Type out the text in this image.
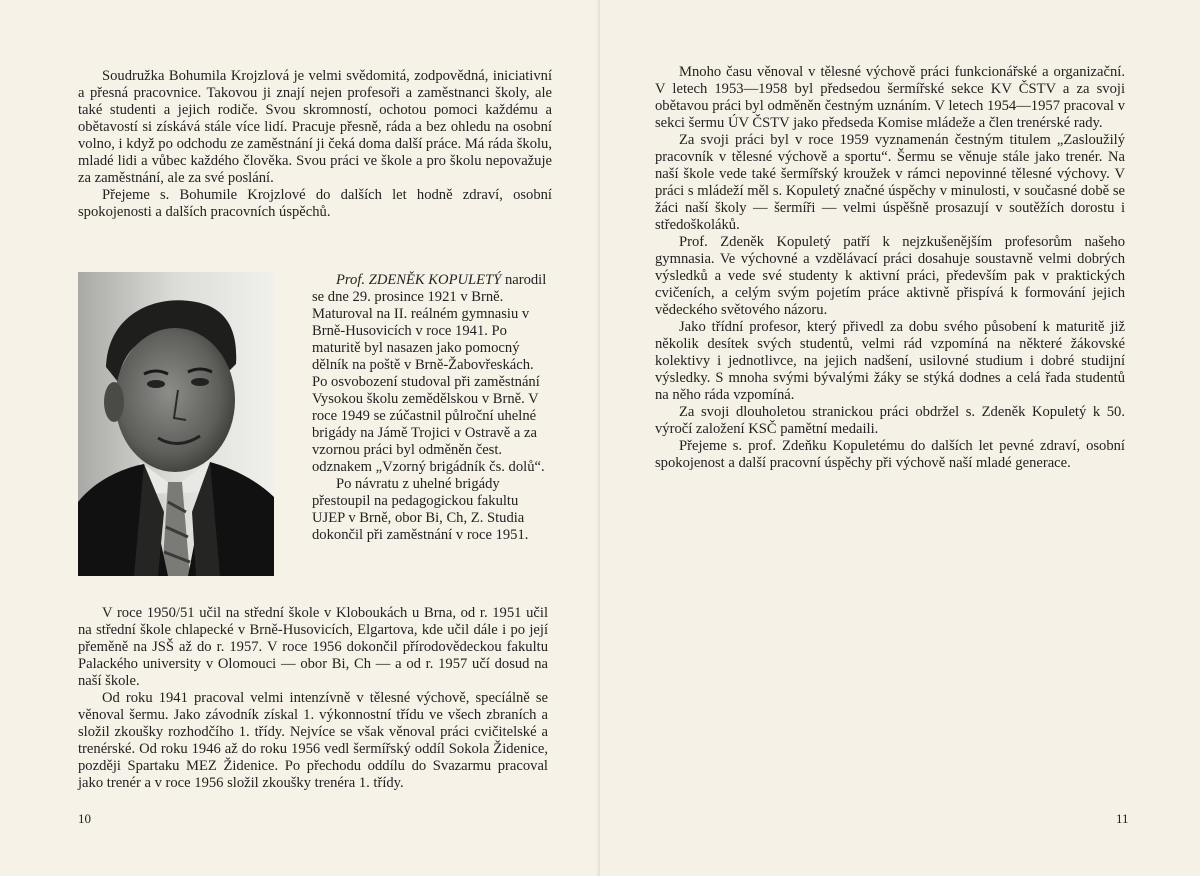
Soudružka Bohumila Krojzlová je velmi svědomitá, zodpovědná, iniciativní a přesná pracovnice. Takovou ji znají nejen profesoři a zaměstnanci školy, ale také studenti a jejich rodiče. Svou skromností, ochotou pomoci každému a obětavostí si získává stále více lidí. Pracuje přesně, ráda a bez ohledu na osobní volno, i když po odchodu ze zaměstnání ji čeká doma další práce. Má ráda školu, mladé lidi a vůbec každého člověka. Svou práci ve škole a pro školu nepovažuje za zaměstnání, ale za své poslání.

Přejeme s. Bohumile Krojzlové do dalších let hodně zdraví, osobní spokojenosti a dalších pracovních úspěchů.

Prof. ZDENĚK KOPULETÝ narodil se dne 29. prosince 1921 v Brně. Maturoval na II. reálném gymnasiu v Brně-Husovicích v roce 1941. Po maturitě byl nasazen jako pomocný dělník na poště v Brně-Žabovřeskách. Po osvobození studoval při zaměstnání Vysokou školu zemědělskou v Brně. V roce 1949 se zúčastnil půlroční uhelné brigády na Jámě Trojici v Ostravě a za vzornou práci byl odměněn čest. odznakem „Vzorný brigádník čs. dolů“.

Po návratu z uhelné brigády přestoupil na pedagogickou fakultu UJEP v Brně, obor Bi, Ch, Z. Studia dokončil při zaměstnání v roce 1951.

V roce 1950/51 učil na střední škole v Kloboukách u Brna, od r. 1951 učil na střední škole chlapecké v Brně-Husovicích, Elgartova, kde učil dále i po její přeměně na JSŠ až do r. 1957. V roce 1956 dokončil přírodovědeckou fakultu Palackého university v Olomouci — obor Bi, Ch — a od r. 1957 učí dosud na naší škole.

Od roku 1941 pracoval velmi intenzívně v tělesné výchově, specíálně se věnoval šermu. Jako závodník získal 1. výkonnostní třídu ve všech zbraních a složil zkoušky rozhodčího 1. třídy. Nejvíce se však věnoval práci cvičitelské a trenérské. Od roku 1946 až do roku 1956 vedl šermířský oddíl Sokola Židenice, později Spartaku MEZ Židenice. Po přechodu oddílu do Svazarmu pracoval jako trenér a v roce 1956 složil zkoušky trenéra 1. třídy.

10	11

Mnoho času věnoval v tělesné výchově práci funkcionářské a organizační. V letech 1953—1958 byl předsedou šermířské sekce KV ČSTV a za svoji obětavou práci byl odměněn čestným uznáním. V letech 1954—1957 pracoval v sekci šermu ÚV ČSTV jako předseda Komise mládeže a člen trenérské rady.

Za svoji práci byl v roce 1959 vyznamenán čestným titulem „Zasloužilý pracovník v tělesné výchově a sportu“. Šermu se věnuje stále jako trenér. Na naší škole vede také šermířský kroužek v rámci nepovinné tělesné výchovy. V práci s mládeží měl s. Kopuletý značné úspěchy v minulosti, v současné době se žáci naší školy — šermíři — velmi úspěšně prosazují v soutěžích dorostu i středoškoláků.

Prof. Zdeněk Kopuletý patří k nejzkušenějším profesorům našeho gymnasia. Ve výchovné a vzdělávací práci dosahuje soustavně velmi dobrých výsledků a vede své studenty k aktivní práci, především pak v praktických cvičeních, a celým svým pojetím práce aktivně přispívá k formování jejich vědeckého světového názoru.

Jako třídní profesor, který přivedl za dobu svého působení k maturitě již několik desítek svých studentů, velmi rád vzpomíná na některé žákovské kolektivy i jednotlivce, na jejich nadšení, usilovné studium i dobré studijní výsledky. S mnoha svými bývalými žáky se stýká dodnes a celá řada studentů na něho ráda vzpomíná.

Za svoji dlouholetou stranickou práci obdržel s. Zdeněk Kopuletý k 50. výročí založení KSČ pamětní medaili.

Přejeme s. prof. Zdeňku Kopuletému do dalších let pevné zdraví, osobní spokojenost a další pracovní úspěchy při výchově naší mladé generace.
